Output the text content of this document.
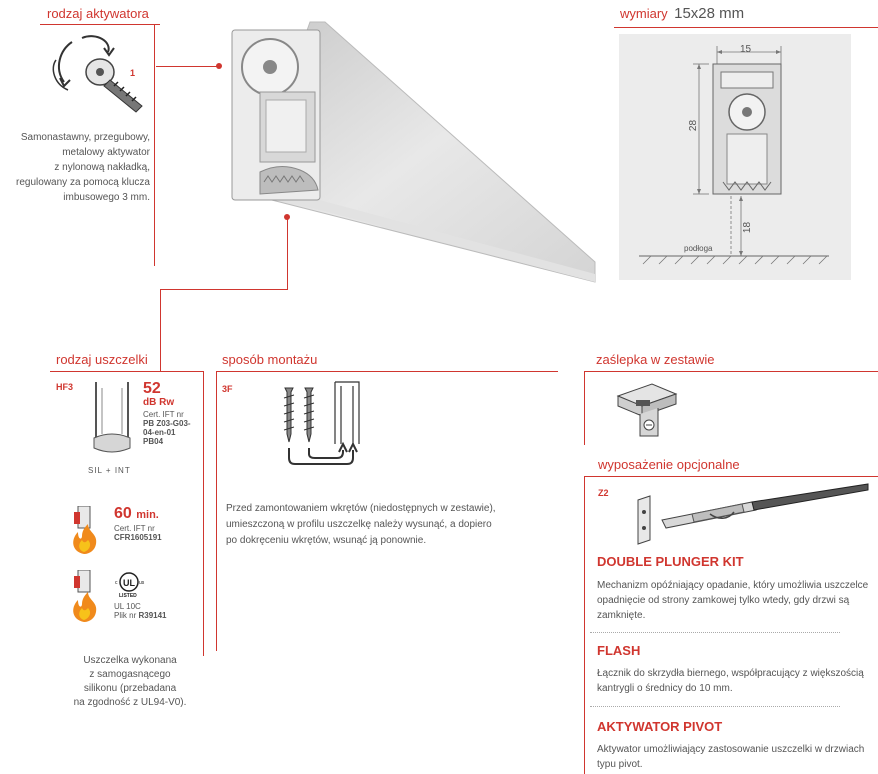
rodzaj aktywatora
1
Samonastawny, przegubowy,
metalowy aktywator
z nylonową nakładką,
regulowany za pomocą klucza
imbusowego 3 mm.
wymiary 15x28 mm
15
28
18
podłoga
rodzaj uszczelki
HF3	52
dB Rw
Cert. IFT nr
PB Z03-G03-
04-en-01
PB04
SIL + INT
60 min.
Cert. IFT nr
CFR1605191
UL
c	us
LISTED
UL 10C
Plik nr R39141
Uszczelka wykonana
z samogasnącego
silikonu (przebadana
na zgodność z UL94-V0).
sposób montażu
3F
Przed zamontowaniem wkrętów (niedostępnych w zestawie),
umieszczoną w profilu uszczelkę należy wysunąć, a dopiero
po dokręceniu wkrętów, wsunąć ją ponownie.
zaślepka w zestawie
wyposażenie opcjonalne
Z2
DOUBLE PLUNGER KIT
Mechanizm opóźniający opadanie, który umożliwia uszczelce
opadnięcie od strony zamkowej tylko wtedy, gdy drzwi są
zamknięte.
FLASH
Łącznik do skrzydła biernego, współpracujący z większością
kantrygli o średnicy do 10 mm.
AKTYWATOR PIVOT
Aktywator umożliwiający zastosowanie uszczelki w drzwiach
typu pivot.
